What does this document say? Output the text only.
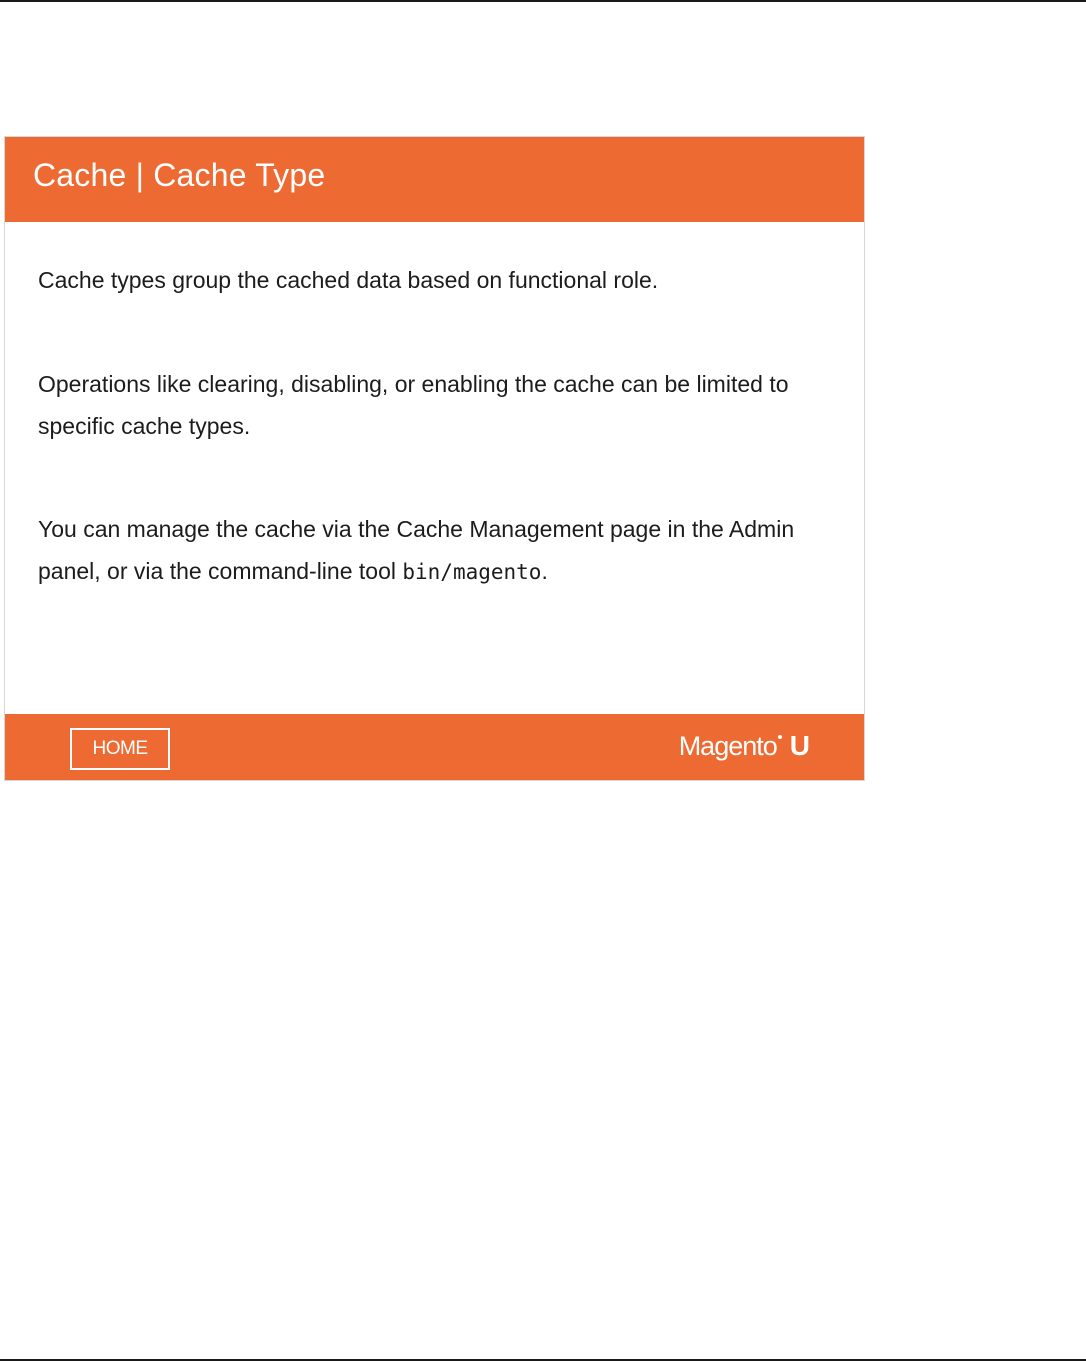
Cache | Cache Type

Cache types group the cached data based on functional role.

Operations like clearing, disabling, or enabling the cache can be limited to specific cache types.

You can manage the cache via the Cache Management page in the Admin panel, or via the command-line tool bin/magento.

HOME	Magento U
